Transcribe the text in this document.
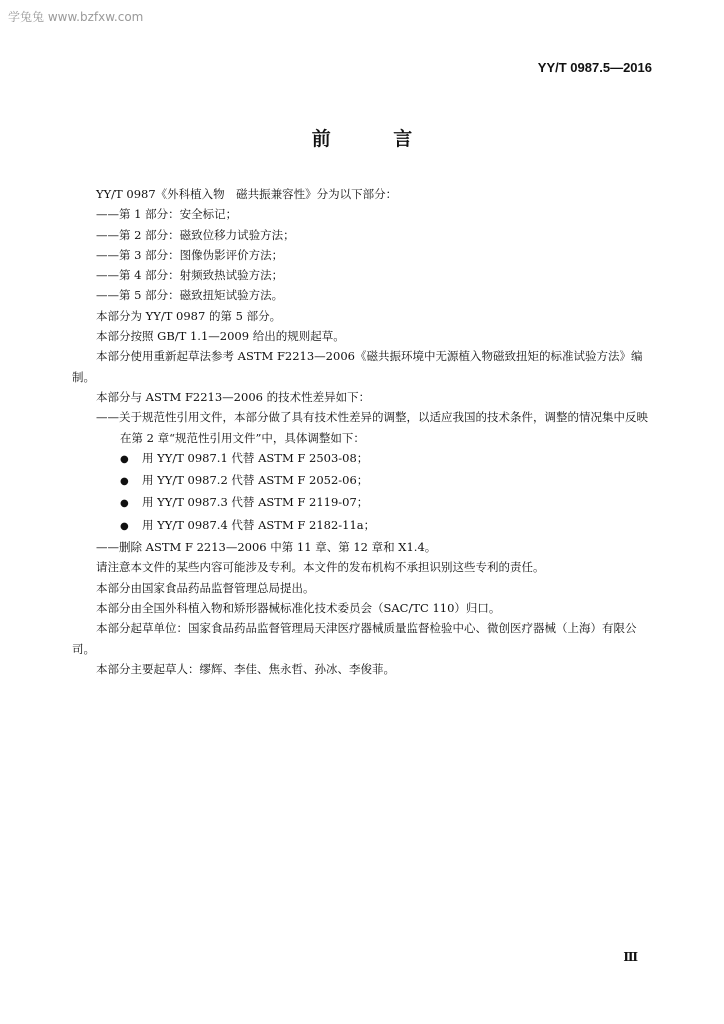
学兔兔 www.bzfxw.com
YY/T 0987.5—2016
前 言

YY/T 0987《外科植入物　磁共振兼容性》分为以下部分：

——第 1 部分：安全标记；

——第 2 部分：磁致位移力试验方法；

——第 3 部分：图像伪影评价方法；

——第 4 部分：射频致热试验方法；

——第 5 部分：磁致扭矩试验方法。

本部分为 YY/T 0987 的第 5 部分。

本部分按照 GB/T 1.1—2009 给出的规则起草。

本部分使用重新起草法参考 ASTM F2213—2006《磁共振环境中无源植入物磁致扭矩的标准试验方法》编制。

本部分与 ASTM F2213—2006 的技术性差异如下：

——关于规范性引用文件，本部分做了具有技术性差异的调整，以适应我国的技术条件，调整的情况集中反映在第 2 章“规范性引用文件”中，具体调整如下：

● 用 YY/T 0987.1 代替 ASTM F 2503-08；

● 用 YY/T 0987.2 代替 ASTM F 2052-06；

● 用 YY/T 0987.3 代替 ASTM F 2119-07；

● 用 YY/T 0987.4 代替 ASTM F 2182-11a；

——删除 ASTM F 2213—2006 中第 11 章、第 12 章和 X1.4。

请注意本文件的某些内容可能涉及专利。本文件的发布机构不承担识别这些专利的责任。

本部分由国家食品药品监督管理总局提出。

本部分由全国外科植入物和矫形器械标准化技术委员会（SAC/TC 110）归口。

本部分起草单位：国家食品药品监督管理局天津医疗器械质量监督检验中心、微创医疗器械（上海）有限公司。

本部分主要起草人：缪辉、李佳、焦永哲、孙冰、李俊菲。

Ⅲ
